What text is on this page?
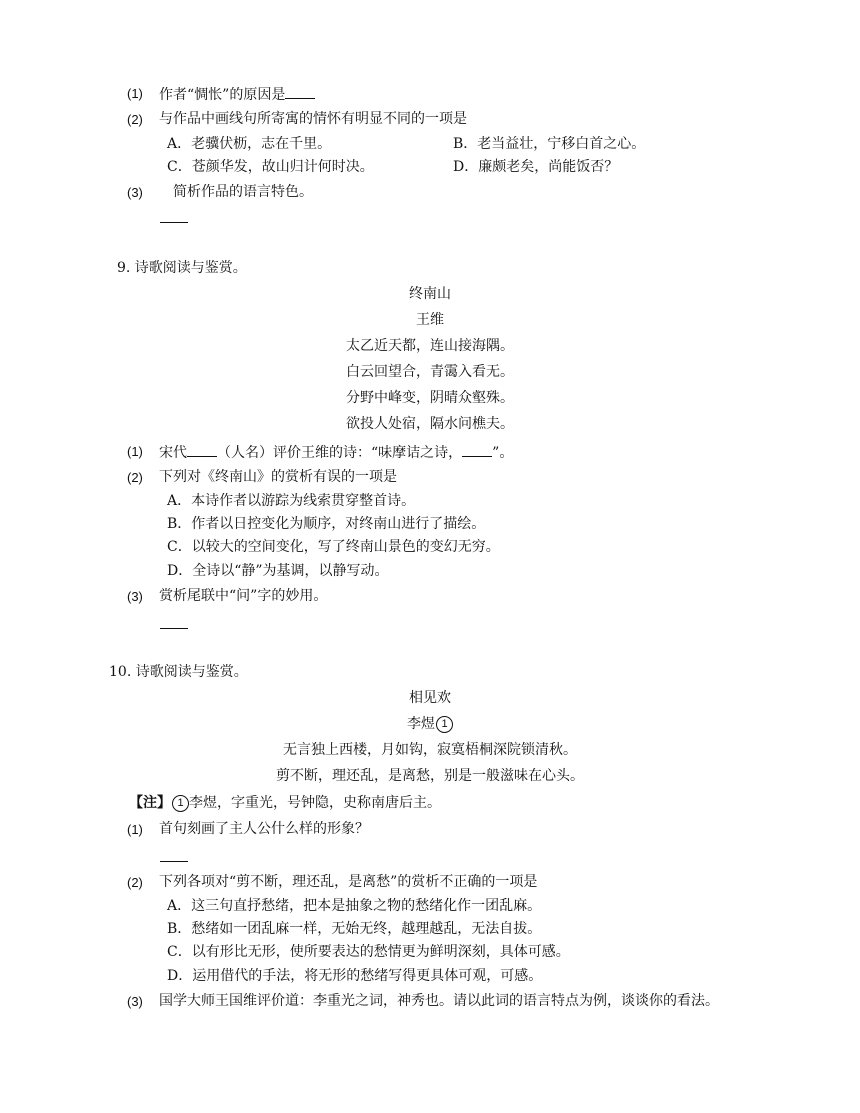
(1) 作者“惆怅”的原因是
(2) 与作品中画线句所寄寓的情怀有明显不同的一项是
A．老骥伏枥，志在千里。	B．老当益壮，宁移白首之心。
C．苍颜华发，故山归计何时决。	D．廉颇老矣，尚能饭否？
(3) 简析作品的语言特色。
9. 诗歌阅读与鉴赏。
终南山
王维
太乙近天都，连山接海隅。
白云回望合，青霭入看无。
分野中峰变，阴晴众壑殊。
欲投人处宿，隔水问樵夫。
(1) 宋代 （人名）评价王维的诗：“味摩诘之诗， ”。
(2) 下列对《终南山》的赏析有误的一项是
A．本诗作者以游踪为线索贯穿整首诗。
B．作者以日控变化为顺序，对终南山进行了描绘。
C．以较大的空间变化，写了终南山景色的变幻无穷。
D．全诗以“静”为基调，以静写动。
(3) 赏析尾联中“问”字的妙用。
10. 诗歌阅读与鉴赏。
相见欢
李煜 1
无言独上西楼，月如钩，寂寞梧桐深院锁清秋。
剪不断，理还乱，是离愁，别是一般滋味在心头。
【注】 1 李煜，字重光，号钟隐，史称南唐后主。
(1) 首句刻画了主人公什么样的形象？
(2) 下列各项对“剪不断，理还乱，是离愁”的赏析不正确的一项是
A．这三句直抒愁绪，把本是抽象之物的愁绪化作一团乱麻。
B．愁绪如一团乱麻一样，无始无终，越理越乱，无法自拔。
C．以有形比无形，使所要表达的愁情更为鲜明深刻，具体可感。
D．运用借代的手法，将无形的愁绪写得更具体可观，可感。
(3) 国学大师王国维评价道：李重光之词，神秀也。请以此词的语言特点为例，谈谈你的看法。
